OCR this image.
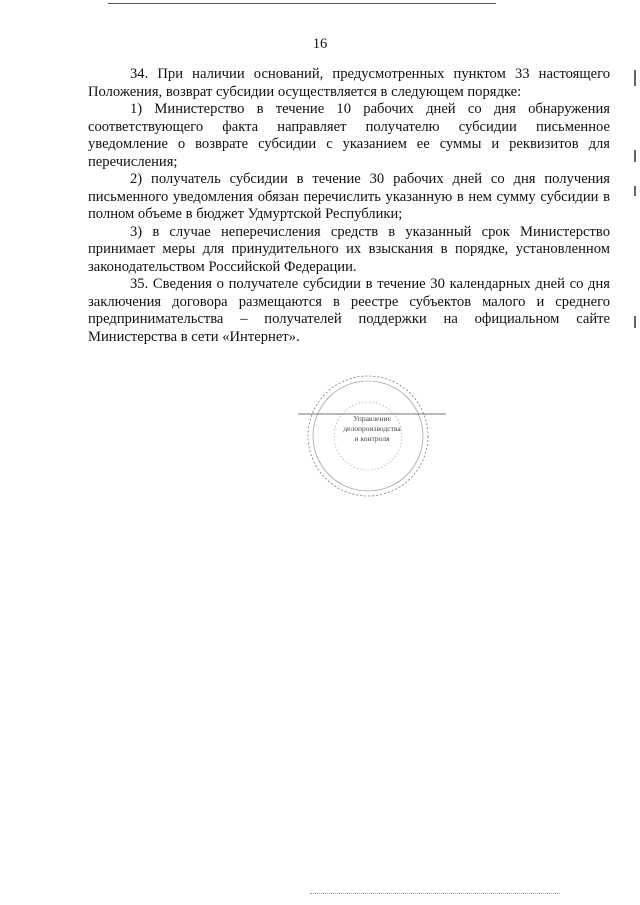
16

34. При наличии оснований, предусмотренных пунктом 33 настоящего Положения, возврат субсидии осуществляется в следующем порядке:

1) Министерство в течение 10 рабочих дней со дня обнаружения соответствующего факта направляет получателю субсидии письменное уведомление о возврате субсидии с указанием ее суммы и реквизитов для перечисления;

2) получатель субсидии в течение 30 рабочих дней со дня получения письменного уведомления обязан перечислить указанную в нем сумму субсидии в полном объеме в бюджет Удмуртской Республики;

3) в случае неперечисления средств в указанный срок Министерство принимает меры для принудительного их взыскания в порядке, установленном законодательством Российской Федерации.

35. Сведения о получателе субсидии в течение 30 календарных дней со дня заключения договора размещаются в реестре субъектов малого и среднего предпринимательства – получателей поддержки на официальном сайте Министерства в сети «Интернет».

Управление
делопроизводства
и контроля
